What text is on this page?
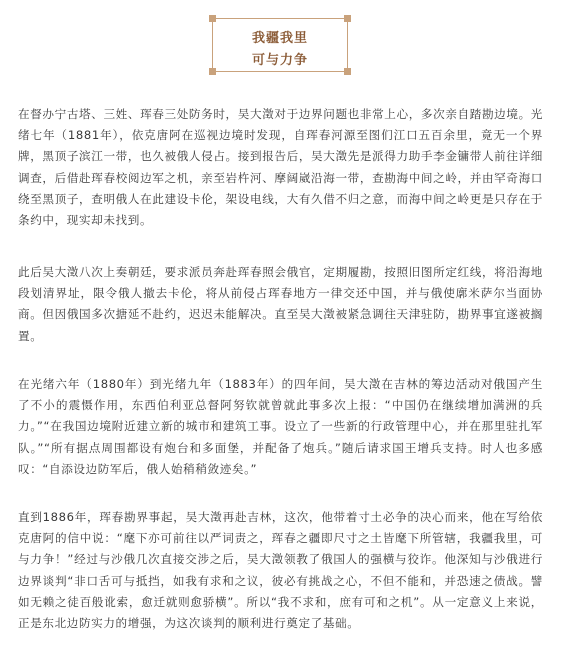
我疆我里
可与力争

在督办宁古塔、三姓、珲春三处防务时，吴大澂对于边界问题也非常上心，多次亲自踏勘边境。光绪七年（1881年），依克唐阿在巡视边境时发现，自珲春河源至图们江口五百余里，竟无一个界牌，黑顶子滨江一带，也久被俄人侵占。接到报告后，吴大澂先是派得力助手李金镛带人前往详细调查，后借赴珲春校阅边军之机，亲至岩杵河、摩阔崴沿海一带，查勘海中间之岭，并由罕奇海口绕至黑顶子，查明俄人在此建设卡伦，架设电线，大有久借不归之意，而海中间之岭更是只存在于条约中，现实却未找到。

此后吴大澂八次上奏朝廷，要求派员奔赴珲春照会俄官，定期履勘，按照旧图所定红线，将沿海地段划清界址，限令俄人撤去卡伦，将从前侵占珲春地方一律交还中国，并与俄使廓米萨尔当面协商。但因俄国多次搪延不赴约，迟迟未能解决。直至吴大澂被紧急调往天津驻防，勘界事宜遂被搁置。

在光绪六年（1880年）到光绪九年（1883年）的四年间，吴大澂在吉林的筹边活动对俄国产生了不小的震慑作用，东西伯利亚总督阿努钦就曾就此事多次上报：“中国仍在继续增加满洲的兵力。”“在我国边境附近建立新的城市和建筑工事。设立了一些新的行政管理中心，并在那里驻扎军队。”“所有据点周围都设有炮台和多面堡，并配备了炮兵。”随后请求国王增兵支持。时人也多感叹：“自添设边防军后，俄人始稍稍敛迹矣。”

直到1886年，珲春勘界事起，吴大澂再赴吉林，这次，他带着寸土必争的决心而来，他在写给依克唐阿的信中说：“麾下亦可前往以严词责之，珲春之疆即尺寸之土皆麾下所管辖，我疆我里，可与力争！”经过与沙俄几次直接交涉之后，吴大澂领教了俄国人的强横与狡诈。他深知与沙俄进行边界谈判“非口舌可与抵挡，如我有求和之议，彼必有挑战之心，不但不能和，并恐速之债战。譬如无赖之徒百般讹索，愈迁就则愈骄横”。所以“我不求和，庶有可和之机”。从一定意义上来说，正是东北边防实力的增强，为这次谈判的顺利进行奠定了基础。
